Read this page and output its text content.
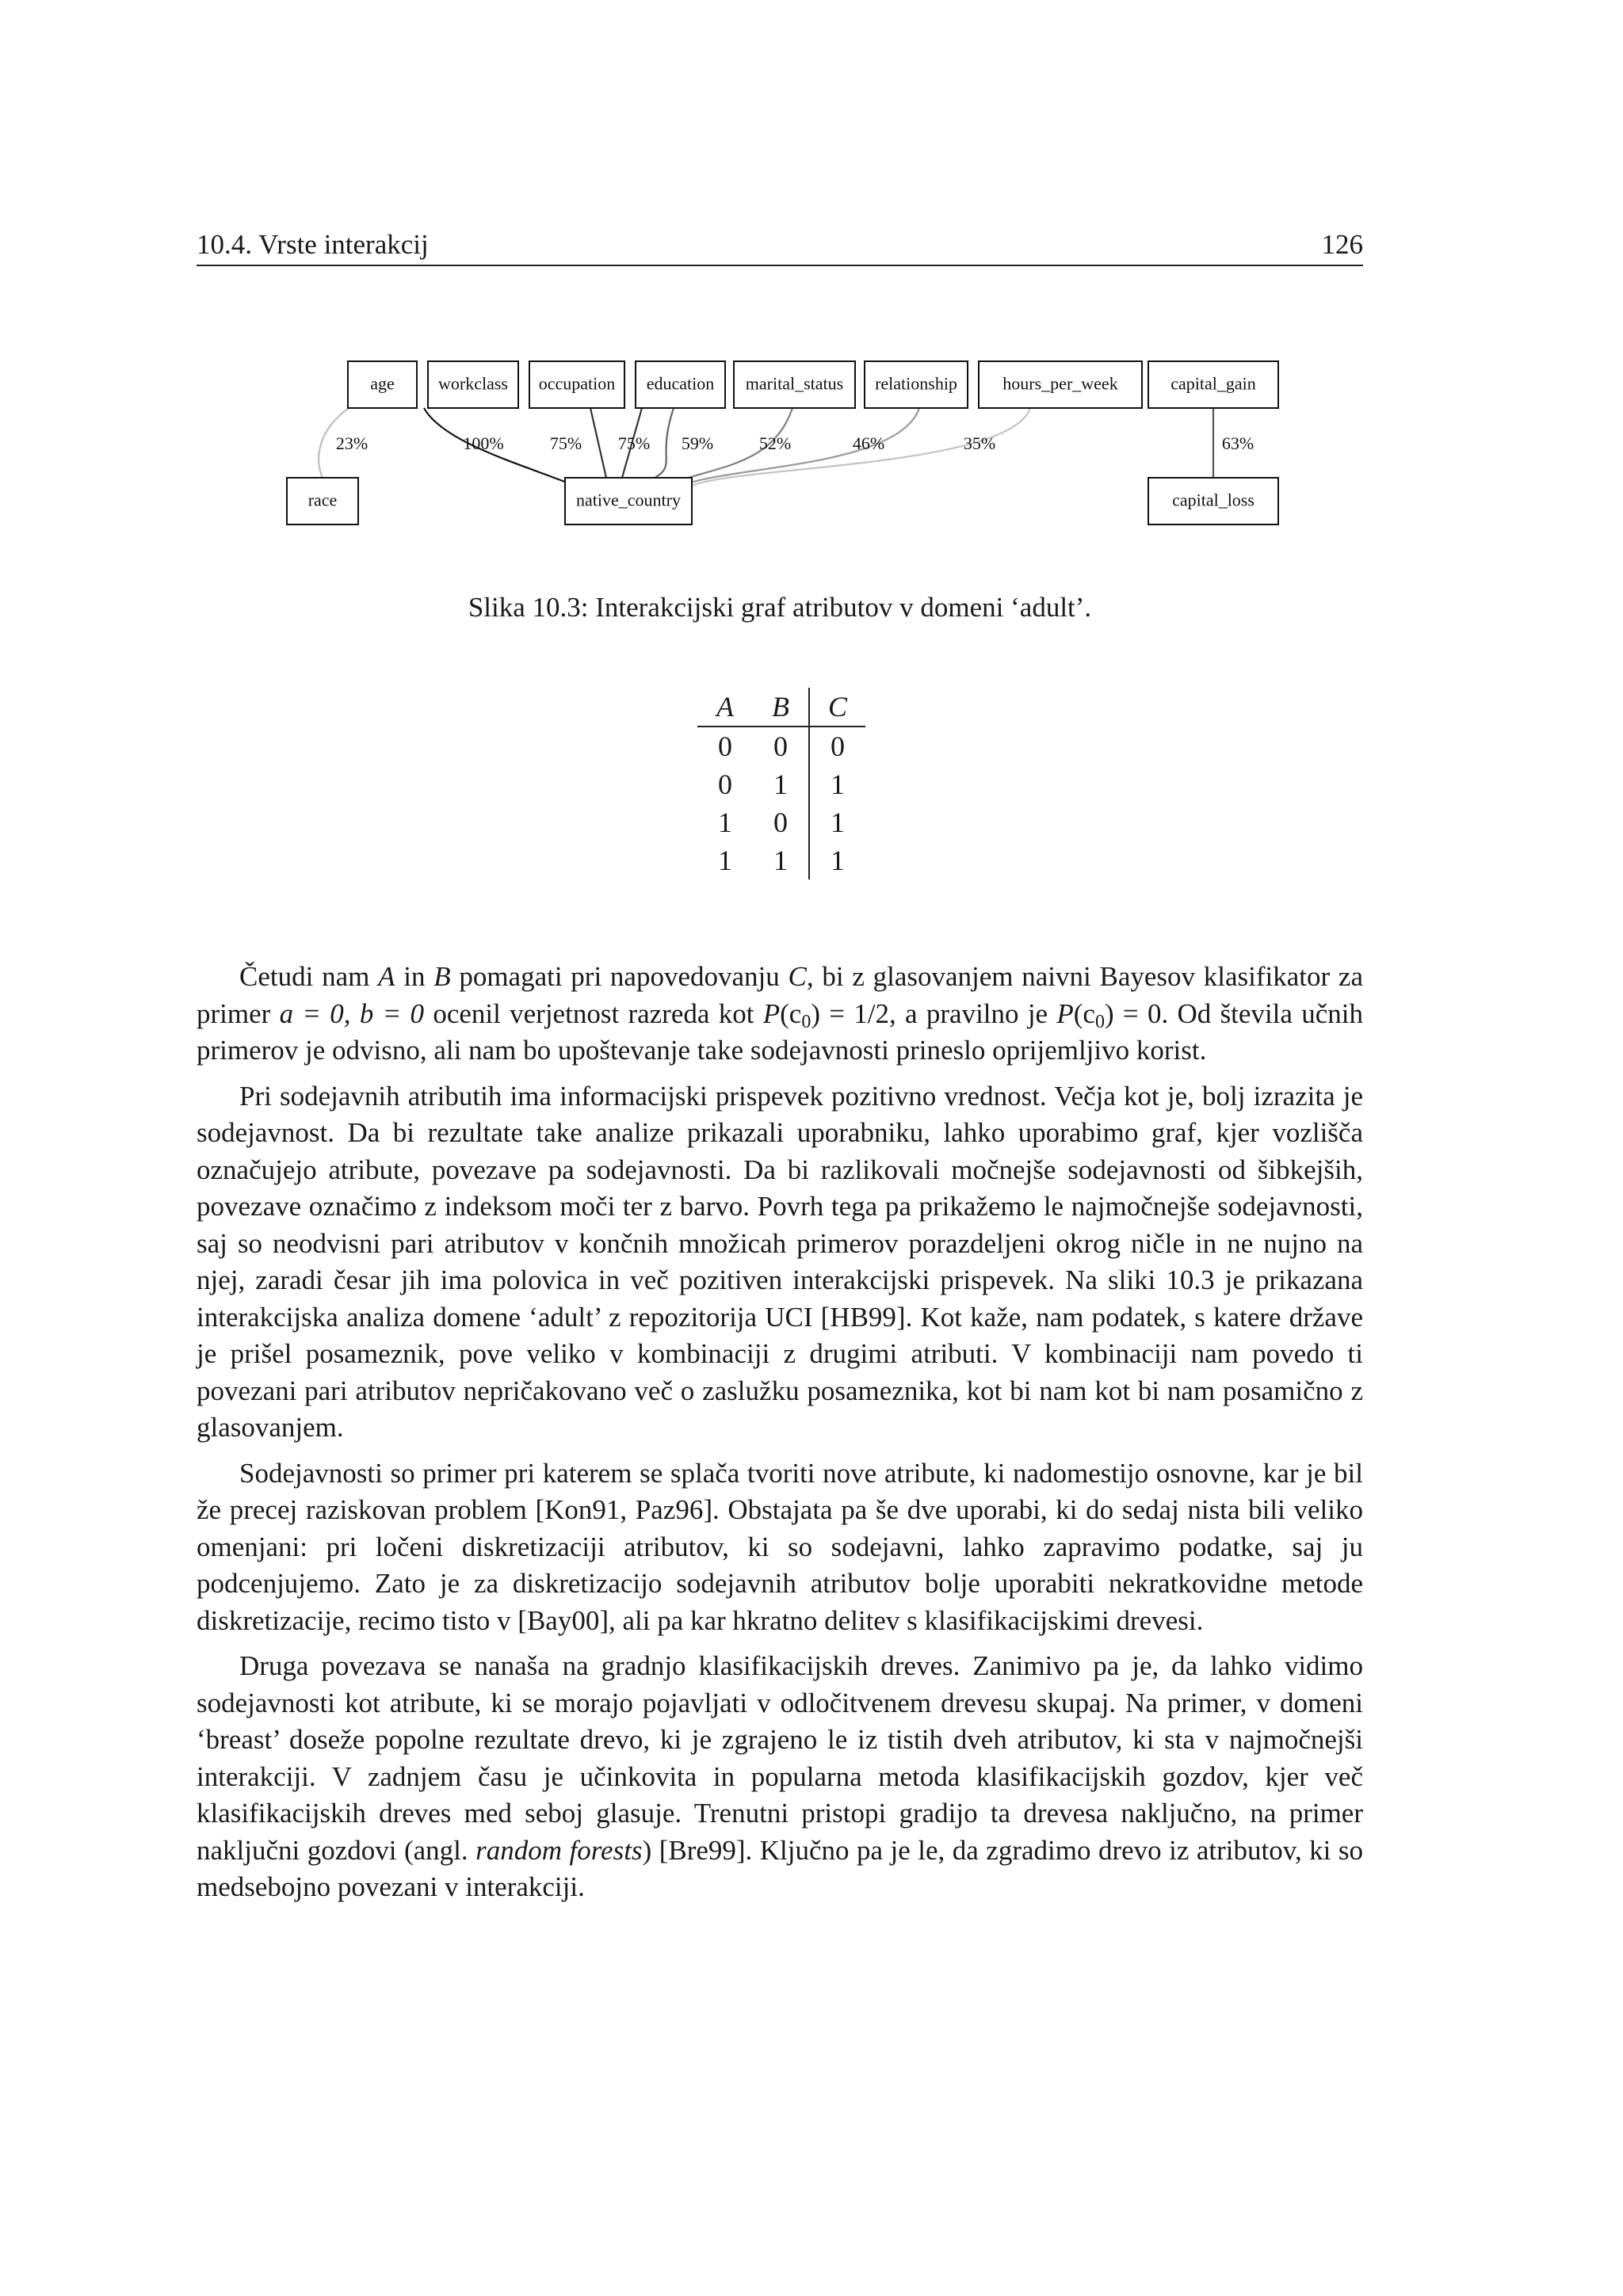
10.4. Vrste interakcij	126
age	workclass occupation education marital_status relationship	hours_per_week	capital_gain
race	native_country	capital_loss
23%	100%	75% 75% 59%	52%	46%	35%	63%
Slika 10.3: Interakcijski graf atributov v domeni ‘adult’.
A	B	C
0	0	0
0	1	1
1	0	1
1	1	1

Četudi nam A in B pomagati pri napovedovanju C, bi z glasovanjem naivni Bayesov klasifikator za primer a = 0, b = 0 ocenil verjetnost razreda kot $P(c_0) = 1/2$, a pravilno je $P(c_0) = 0$. Od števila učnih primerov je odvisno, ali nam bo upoštevanje take sodejavnosti prineslo oprijemljivo korist.

Pri sodejavnih atributih ima informacijski prispevek pozitivno vrednost. Večja kot je, bolj izrazita je sodejavnost. Da bi rezultate take analize prikazali uporabniku, lahko uporabimo graf, kjer vozlišča označujejo atribute, povezave pa sodejavnosti. Da bi razlikovali močnejše sodejavnosti od šibkejših, povezave označimo z indeksom moči ter z barvo. Povrh tega pa prikažemo le najmočnejše sodejavnosti, saj so neodvisni pari atributov v končnih množicah primerov porazdeljeni okrog ničle in ne nujno na njej, zaradi česar jih ima polovica in več pozitiven interakcijski prispevek. Na sliki 10.3 je prikazana interakcijska analiza domene ‘adult’ z repozitorija UCI [HB99]. Kot kaže, nam podatek, s katere države je prišel posameznik, pove veliko v kombinaciji z drugimi atributi. V kombinaciji nam povedo ti povezani pari atributov nepričakovano več o zaslužku posameznika, kot bi nam kot bi nam posamično z glasovanjem.

Sodejavnosti so primer pri katerem se splača tvoriti nove atribute, ki nadomestijo osnovne, kar je bil že precej raziskovan problem [Kon91, Paz96]. Obstajata pa še dve uporabi, ki do sedaj nista bili veliko omenjani: pri ločeni diskretizaciji atributov, ki so sodejavni, lahko zapravimo podatke, saj ju podcenjujemo. Zato je za diskretizacijo sodejavnih atributov bolje uporabiti nekratkovidne metode diskretizacije, recimo tisto v [Bay00], ali pa kar hkratno delitev s klasifikacijskimi drevesi.

Druga povezava se nanaša na gradnjo klasifikacijskih dreves. Zanimivo pa je, da lahko vidimo sodejavnosti kot atribute, ki se morajo pojavljati v odločitvenem drevesu skupaj. Na primer, v domeni ‘breast’ doseže popolne rezultate drevo, ki je zgrajeno le iz tistih dveh atributov, ki sta v najmočnejši interakciji. V zadnjem času je učinkovita in popularna metoda klasifikacijskih gozdov, kjer več klasifikacijskih dreves med seboj glasuje. Trenutni pristopi gradijo ta drevesa naključno, na primer naključni gozdovi (angl. random forests) [Bre99]. Ključno pa je le, da zgradimo drevo iz atributov, ki so medsebojno povezani v interakciji.
